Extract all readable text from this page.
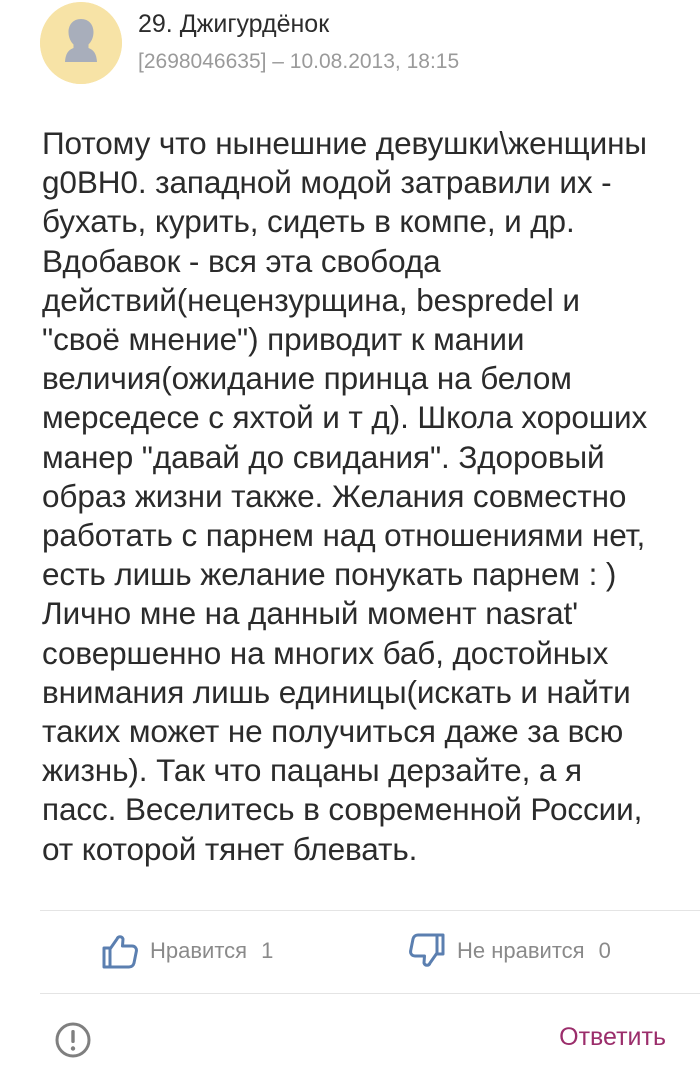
29. Джигурдёнок
[2698046635] – 10.08.2013, 18:15
Потому что нынешние девушки\женщины
g0ВН0. западной модой затравили их -
бухать, курить, сидеть в компе, и др.
Вдобавок - вся эта свобода
действий(нецензурщина, bespredel и
"своё мнение") приводит к мании
величия(ожидание принца на белом
мерседесе с яхтой и т д). Школа хороших
манер "давай до свидания". Здоровый
образ жизни также. Желания совместно
работать с парнем над отношениями нет,
есть лишь желание понукать парнем : )
Лично мне на данный момент nasrat'
совершенно на многих баб, достойных
внимания лишь единицы(искать и найти
таких может не получиться даже за всю
жизнь). Так что пацаны дерзайте, а я
пасс. Веселитесь в современной России,
от которой тянет блевать.
Нравится 1	Не нравится 0
Ответить
